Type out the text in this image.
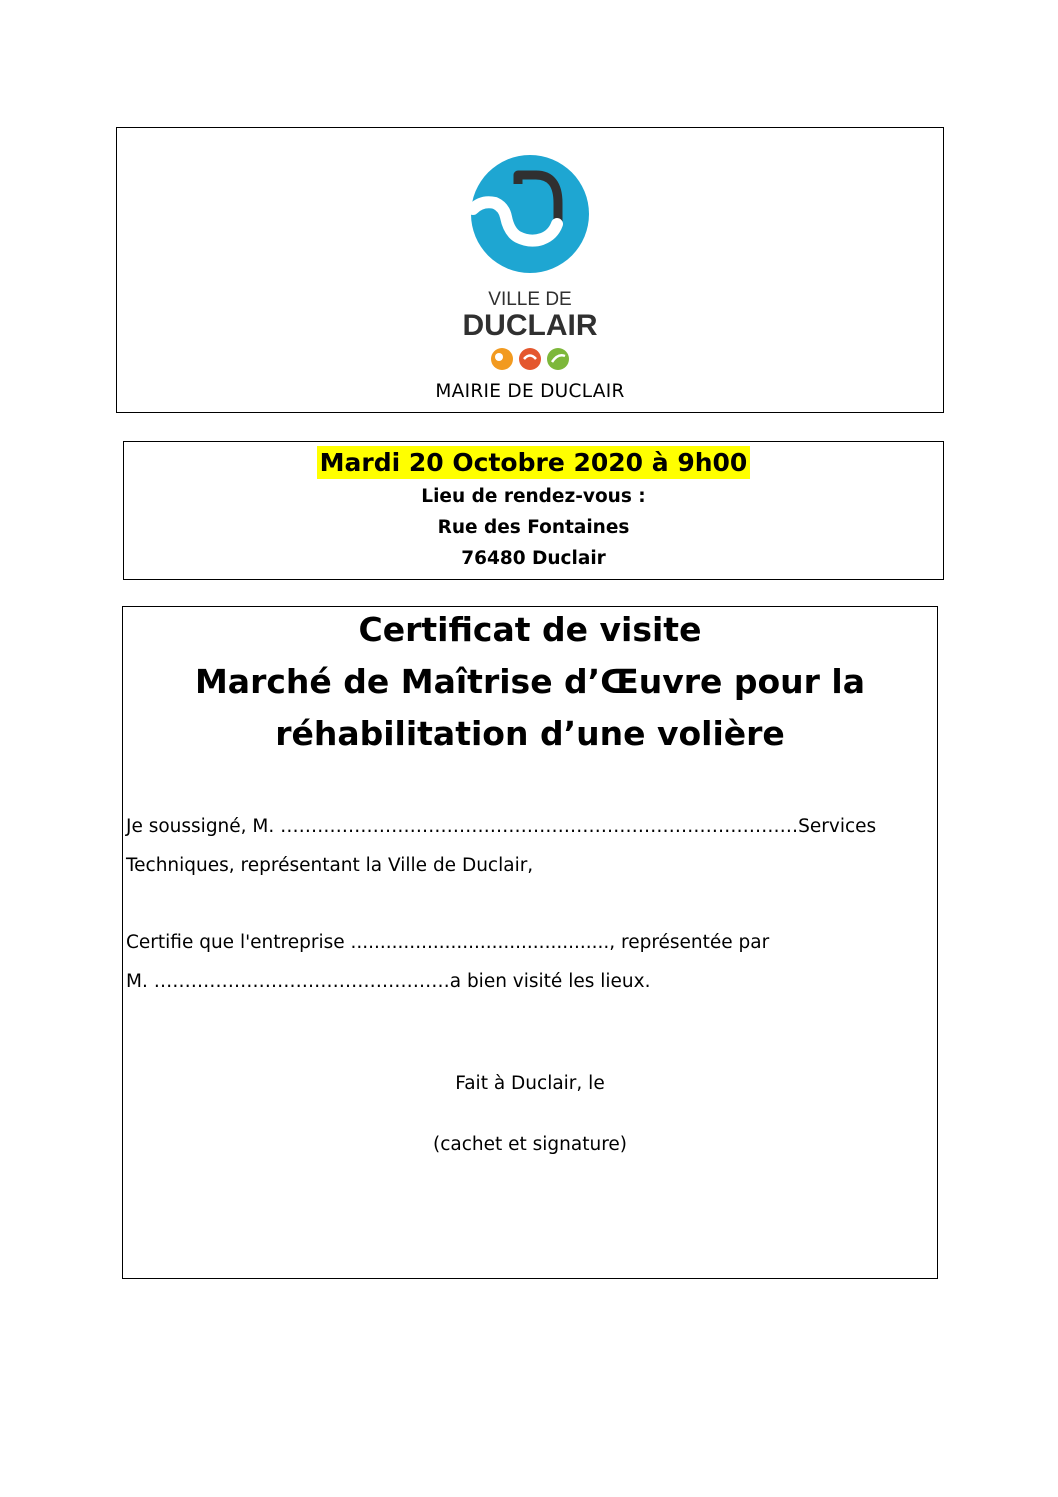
VILLE DE
DUCLAIR
MAIRIE DE DUCLAIR
Mardi 20 Octobre 2020 à 9h00
Lieu de rendez-vous :
Rue des Fontaines
76480 Duclair
Certificat de visite
Marché de Maîtrise d’Œuvre pour la
réhabilitation d’une volière
Je soussigné, M. …………………………………………………………………………Services
Techniques, représentant la Ville de Duclair,
Certifie que l'entreprise ............................................, représentée par
M. …………………………………………a bien visité les lieux.
Fait à Duclair, le
(cachet et signature)
